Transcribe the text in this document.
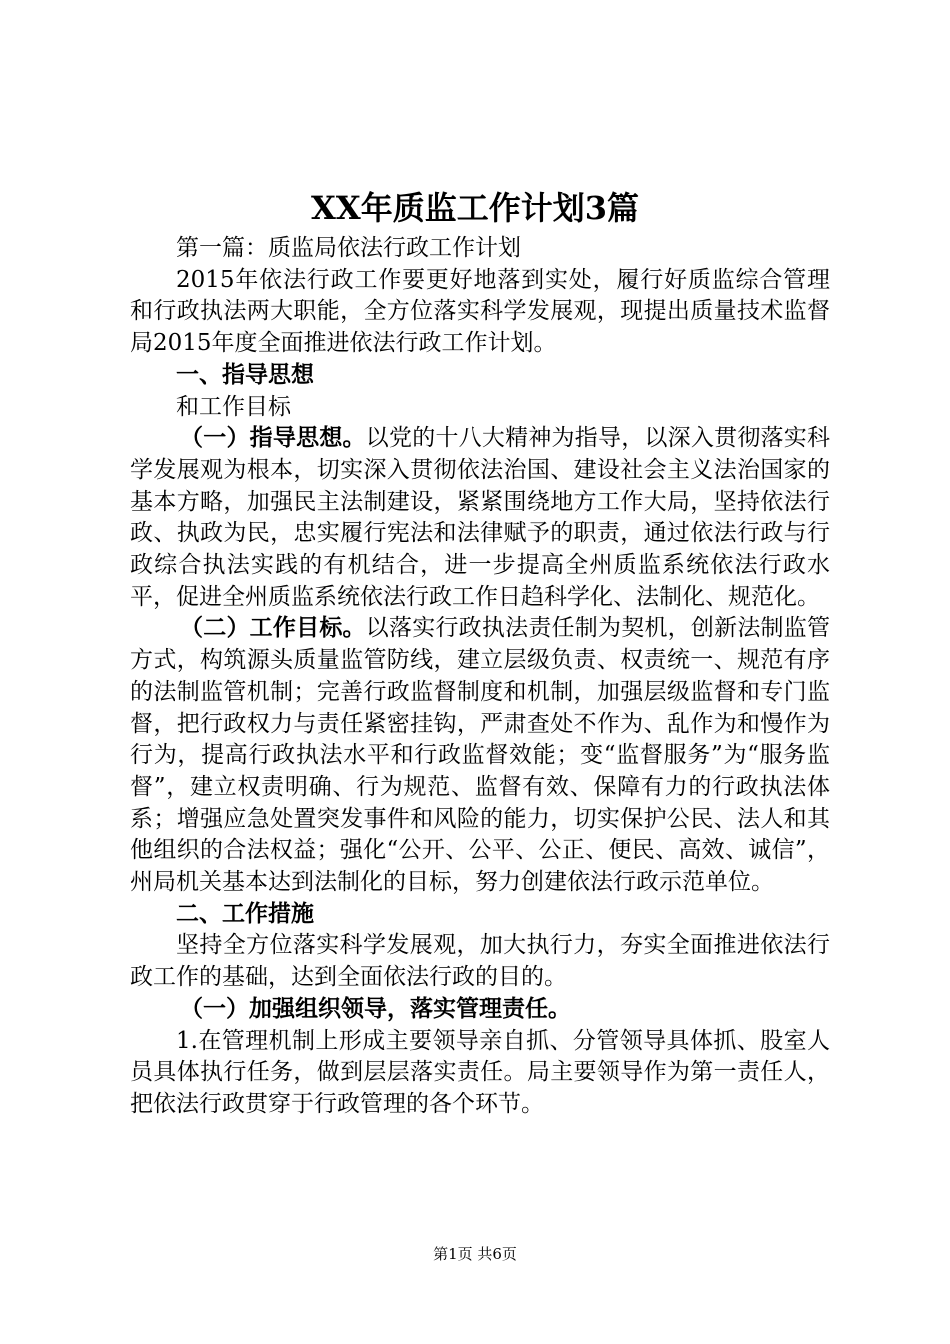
XX年质监工作计划3篇

第一篇：质监局依法行政工作计划

2015年依法行政工作要更好地落到实处，履行好质监综合管理和行政执法两大职能，全方位落实科学发展观，现提出质量技术监督局2015年度全面推进依法行政工作计划。

一、指导思想

和工作目标

（一）指导思想。以党的十八大精神为指导，以深入贯彻落实科学发展观为根本，切实深入贯彻依法治国、建设社会主义法治国家的基本方略，加强民主法制建设，紧紧围绕地方工作大局，坚持依法行政、执政为民，忠实履行宪法和法律赋予的职责，通过依法行政与行政综合执法实践的有机结合，进一步提高全州质监系统依法行政水平，促进全州质监系统依法行政工作日趋科学化、法制化、规范化。

（二）工作目标。以落实行政执法责任制为契机，创新法制监管方式，构筑源头质量监管防线，建立层级负责、权责统一、规范有序的法制监管机制；完善行政监督制度和机制，加强层级监督和专门监督，把行政权力与责任紧密挂钩，严肃查处不作为、乱作为和慢作为行为，提高行政执法水平和行政监督效能；变“监督服务”为“服务监督”，建立权责明确、行为规范、监督有效、保障有力的行政执法体系；增强应急处置突发事件和风险的能力，切实保护公民、法人和其他组织的合法权益；强化“公开、公平、公正、便民、高效、诚信”，州局机关基本达到法制化的目标，努力创建依法行政示范单位。

二、工作措施

坚持全方位落实科学发展观，加大执行力，夯实全面推进依法行政工作的基础，达到全面依法行政的目的。

（一）加强组织领导，落实管理责任。

1.在管理机制上形成主要领导亲自抓、分管领导具体抓、股室人员具体执行任务，做到层层落实责任。局主要领导作为第一责任人，把依法行政贯穿于行政管理的各个环节。

第1页 共6页
